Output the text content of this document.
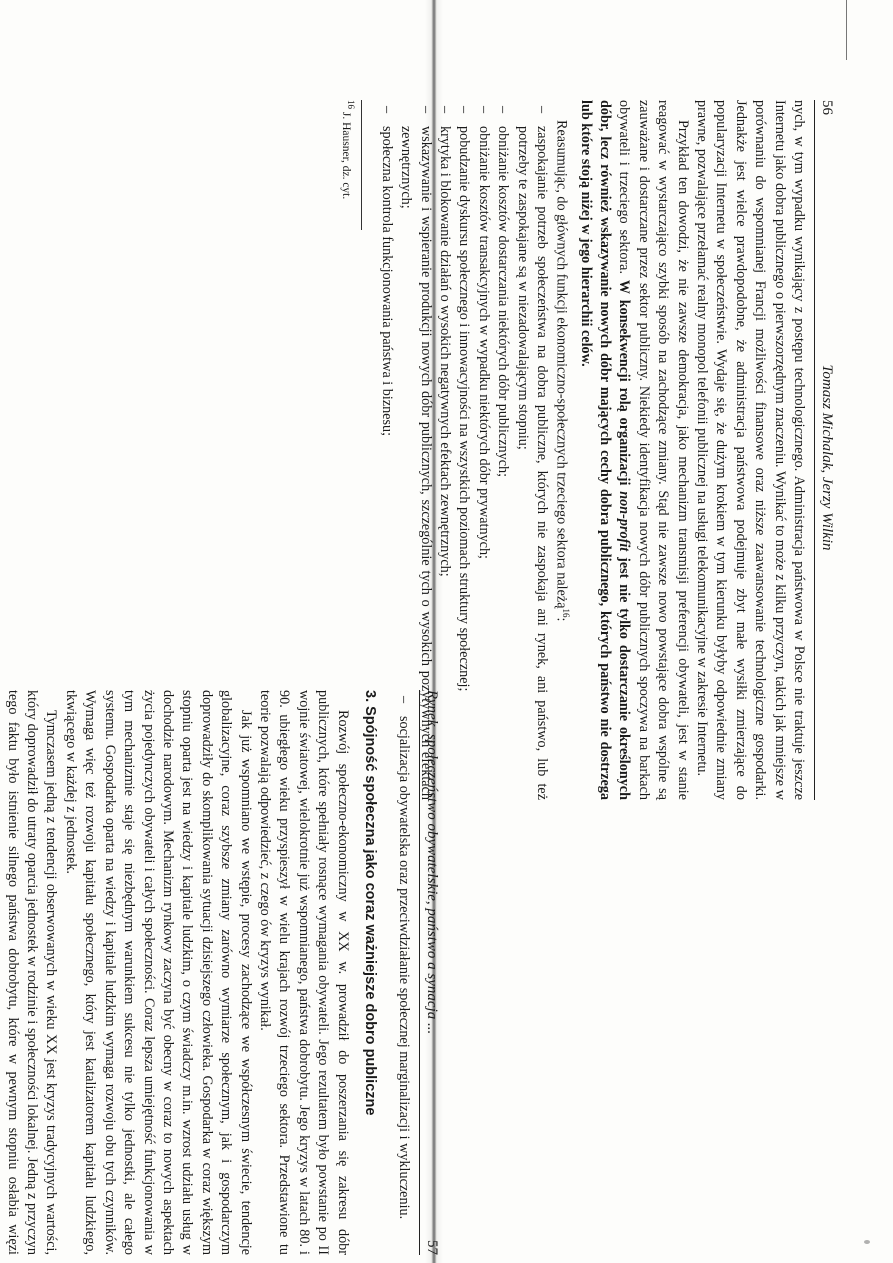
56
Tomasz Michalak, Jerzy Wilkin

nych, w tym wypadku wynikający z postępu technologicznego. Administracja państwowa w Polsce nie traktuje jeszcze Internetu jako dobra publicznego o pierwszorzędnym znaczeniu. Wynikać to może z kilku przyczyn, takich jak mniejsze w porównaniu do wspomnianej Francji możliwości finansowe oraz niższe zaawansowanie technologiczne gospodarki. Jednakże jest wielce prawdopodobne, że administracja państwowa podejmuje zbyt małe wysiłki zmierzające do popularyzacji Internetu w społeczeństwie. Wydaje się, że dużym krokiem w tym kierunku byłyby odpowiednie zmiany prawne, pozwalające przełamać realny monopol telefonii publicznej na usługi telekomunikacyjne w zakresie Internetu.

Przykład ten dowodzi, że nie zawsze demokracja, jako mechanizm transmisji preferencji obywateli, jest w stanie reagować w wystarczająco szybki sposób na zachodzące zmiany. Stąd nie zawsze nowo powstające dobra wspólne są zauważane i dostarczane przez sektor publiczny. Niekiedy identyfikacja nowych dóbr publicznych spoczywa na barkach obywateli i trzeciego sektora. W konsekwencji rolą organizacji non-profit jest nie tylko dostarczanie określonych dóbr, lecz również wskazywanie nowych dóbr mających cechy dobra publicznego, których państwo nie dostrzega lub które stoją niżej w jego hierarchii celów.

Reasumując, do głównych funkcji ekonomiczno-społecznych trzeciego sektora należą$^{16}$:

– zaspokajanie potrzeb społeczeństwa na dobra publiczne, których nie zaspokaja ani rynek, ani państwo, lub też potrzeby te zaspokajane są w niezadowalającym stopniu;
– obniżanie kosztów dostarczania niektórych dóbr publicznych;
– obniżanie kosztów transakcyjnych w wypadku niektórych dóbr prywatnych;
– pobudzanie dyskursu społecznego i innowacyjności na wszystkich poziomach struktury społecznej;
– krytyka i blokowanie działań o wysokich negatywnych efektach zewnętrznych;
– wskazywanie i wspieranie produkcji nowych dóbr publicznych, szczególnie tych o wysokich pozytywnych efektach zewnętrznych;
– społeczna kontrola funkcjonowania państwa i biznesu;

$^{16}$ J. Hausner, dz. cyt.

Rynek, społeczeństwo obywatelskie, państwo a synacja ...
57
– socjalizacja obywatelska oraz przeciwdziałanie społecznej marginalizacji i wykluczeniu.
3. Spójność społeczna jako coraz ważniejsze dobro publiczne

Rozwój społeczno-ekonomiczny w XX w. prowadził do poszerzania się zakresu dóbr publicznych, które spełniały rosnące wymagania obywateli. Jego rezultatem było powstanie po II wojnie światowej, wielokrotnie już wspomnianego, państwa dobrobytu. Jego kryzys w latach 80. i 90. ubiegłego wieku przyspieszył w wielu krajach rozwój trzeciego sektora. Przedstawione tu teorie pozwalają odpowiedzieć, z czego ów kryzys wynikał.

Jak już wspomniano we wstępie, procesy zachodzące we współczesnym świecie, tendencje globalizacyjne, coraz szybsze zmiany zarówno wymiarze społecznym, jak i gospodarczym doprowadziły do skomplikowania sytuacji dzisiejszego człowieka. Gospodarka w coraz większym stopniu oparta jest na wiedzy i kapitale ludzkim, o czym świadczy m.in. wzrost udziału usług w dochodzie narodowym. Mechanizm rynkowy zaczyna być obecny w coraz to nowych aspektach życia pojedynczych obywateli i całych społeczności. Coraz lepsza umiejętność funkcjonowania w tym mechanizmie staje się niezbędnym warunkiem sukcesu nie tylko jednostki, ale całego systemu. Gospodarka oparta na wiedzy i kapitale ludzkim wymaga rozwoju obu tych czynników. Wymaga więc też rozwoju kapitału społecznego, który jest katalizatorem kapitału ludzkiego, tkwiącego w każdej z jednostek.

Tymczasem jedną z tendencji obserwowanych w wieku XX jest kryzys tradycyjnych wartości, który doprowadził do utraty oparcia jednostek w rodzinie i społeczności lokalnej. Jedną z przyczyn tego faktu było istnienie silnego państwa dobrobytu, które w pewnym stopniu osłabia więzi
